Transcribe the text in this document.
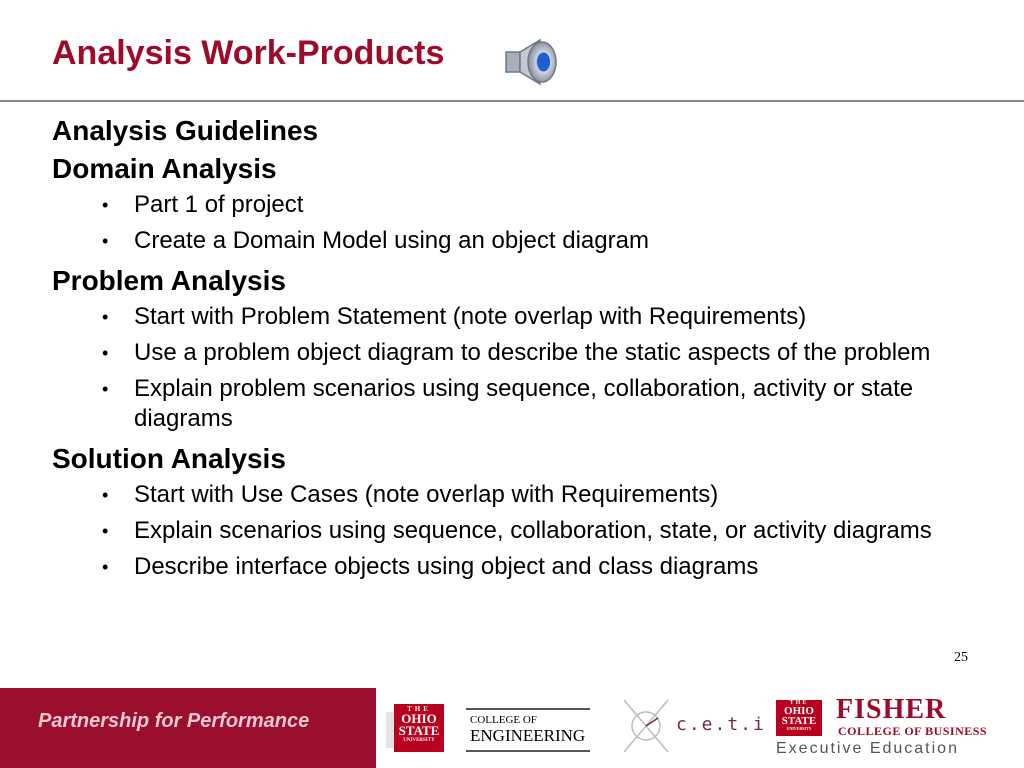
Analysis Work-Products

Analysis Guidelines

Domain Analysis

• Part 1 of project
• Create a Domain Model using an object diagram

Problem Analysis

• Start with Problem Statement (note overlap with Requirements)
• Use a problem object diagram to describe the static aspects of the problem
• Explain problem scenarios using sequence, collaboration, activity or state diagrams

Solution Analysis

• Start with Use Cases (note overlap with Requirements)
• Explain scenarios using sequence, collaboration, state, or activity diagrams
• Describe interface objects using object and class diagrams
25
Partnership for Performance
THE
OHIO
STATE
UNIVERSITY
COLLEGE OF
ENGINEERING
c.e.t.i
THE
OHIO
STATE
UNIVERSITY
FISHER
COLLEGE OF BUSINESS
Executive Education
